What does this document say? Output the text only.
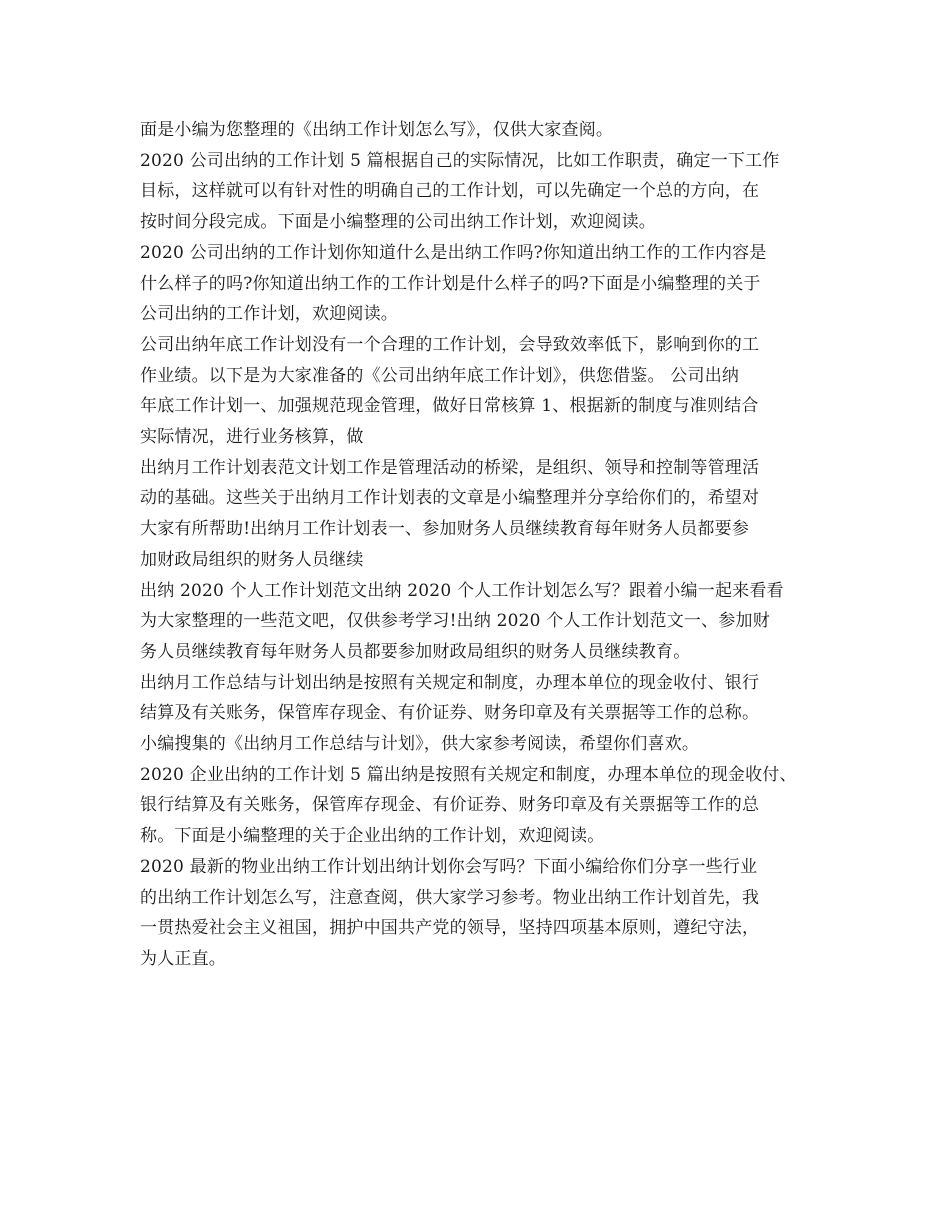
面是小编为您整理的《出纳工作计划怎么写》，仅供大家查阅。

2020 公司出纳的工作计划 5 篇根据自己的实际情况，比如工作职责，确定一下工作

目标，这样就可以有针对性的明确自己的工作计划，可以先确定一个总的方向，在

按时间分段完成。下面是小编整理的公司出纳工作计划，欢迎阅读。

2020 公司出纳的工作计划你知道什么是出纳工作吗?你知道出纳工作的工作内容是

什么样子的吗?你知道出纳工作的工作计划是什么样子的吗?下面是小编整理的关于

公司出纳的工作计划，欢迎阅读。

公司出纳年底工作计划没有一个合理的工作计划，会导致效率低下，影响到你的工

作业绩。以下是为大家准备的《公司出纳年底工作计划》，供您借鉴。 公司出纳

年底工作计划一、加强规范现金管理，做好日常核算 1、根据新的制度与准则结合

实际情况，进行业务核算，做

出纳月工作计划表范文计划工作是管理活动的桥梁，是组织、领导和控制等管理活

动的基础。这些关于出纳月工作计划表的文章是小编整理并分享给你们的，希望对

大家有所帮助!出纳月工作计划表一、参加财务人员继续教育每年财务人员都要参

加财政局组织的财务人员继续

出纳 2020 个人工作计划范文出纳 2020 个人工作计划怎么写？跟着小编一起来看看

为大家整理的一些范文吧，仅供参考学习!出纳 2020 个人工作计划范文一、参加财

务人员继续教育每年财务人员都要参加财政局组织的财务人员继续教育。

出纳月工作总结与计划出纳是按照有关规定和制度，办理本单位的现金收付、银行

结算及有关账务，保管库存现金、有价证券、财务印章及有关票据等工作的总称。

小编搜集的《出纳月工作总结与计划》，供大家参考阅读，希望你们喜欢。

2020 企业出纳的工作计划 5 篇出纳是按照有关规定和制度，办理本单位的现金收付、

银行结算及有关账务，保管库存现金、有价证券、财务印章及有关票据等工作的总

称。下面是小编整理的关于企业出纳的工作计划，欢迎阅读。

2020 最新的物业出纳工作计划出纳计划你会写吗？下面小编给你们分享一些行业

的出纳工作计划怎么写，注意查阅，供大家学习参考。物业出纳工作计划首先，我

一贯热爱社会主义祖国，拥护中国共产党的领导，坚持四项基本原则，遵纪守法，

为人正直。
